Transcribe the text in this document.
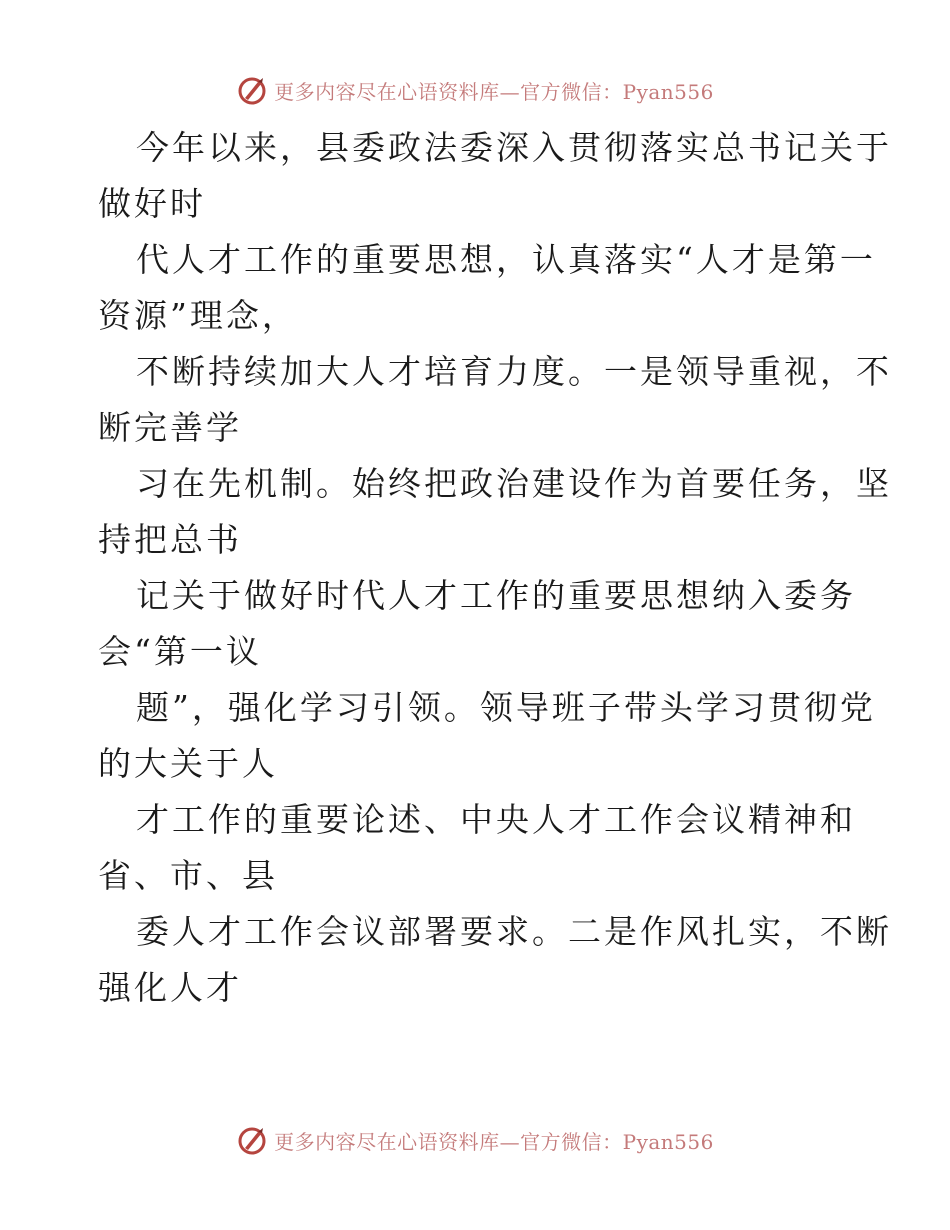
更多内容尽在心语资料库—官方微信：Pyan556

今年以来，县委政法委深入贯彻落实总书记关于
做好时

代人才工作的重要思想，认真落实“人才是第一
资源”理念，

不断持续加大人才培育力度。一是领导重视，不
断完善学

习在先机制。始终把政治建设作为首要任务，坚
持把总书

记关于做好时代人才工作的重要思想纳入委务
会“第一议

题”，强化学习引领。领导班子带头学习贯彻党
的大关于人

才工作的重要论述、中央人才工作会议精神和
省、市、县

委人才工作会议部署要求。二是作风扎实，不断
强化人才

更多内容尽在心语资料库—官方微信：Pyan556
